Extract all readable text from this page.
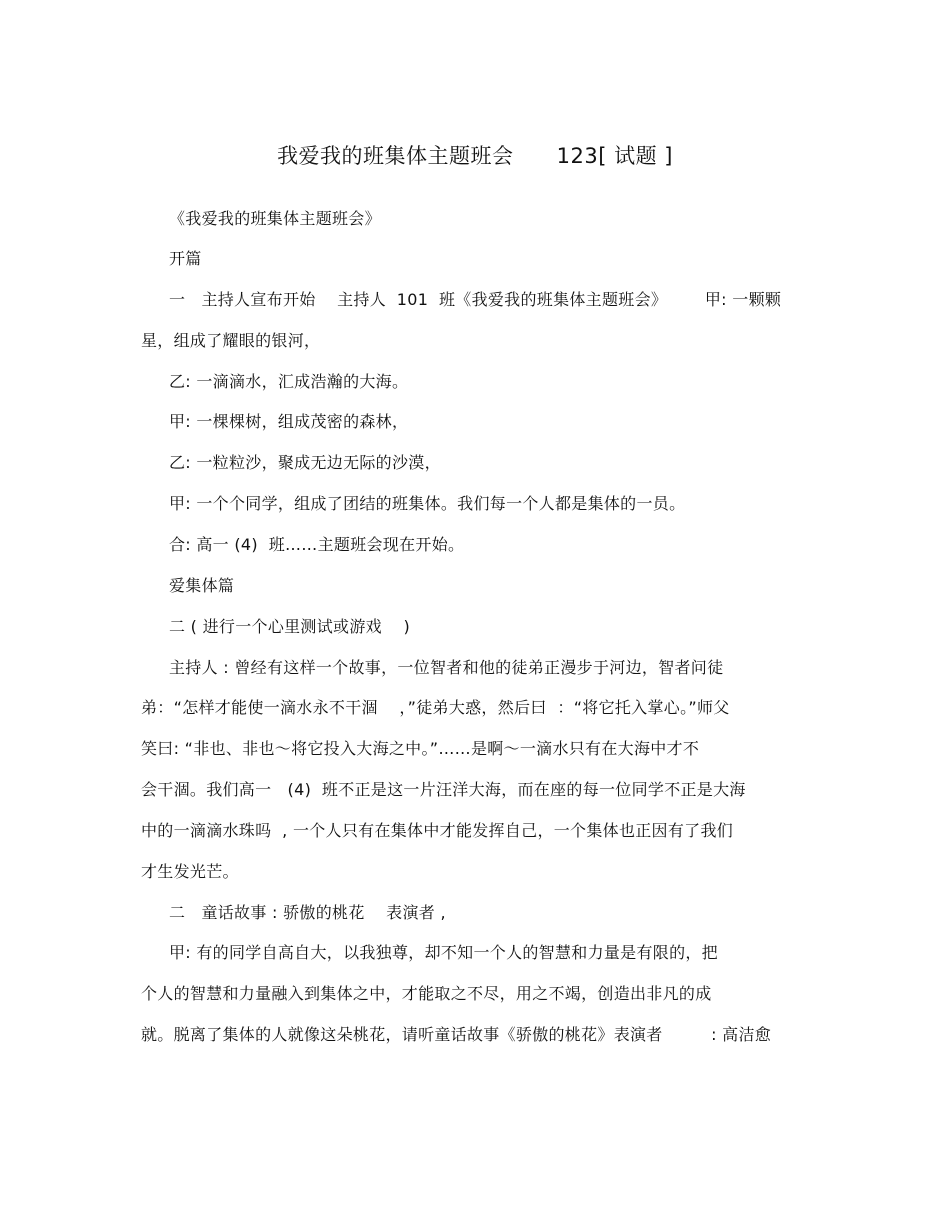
我爱我的班集体主题班会      123[ 试题 ]
《我爱我的班集体主题班会》
开篇
一   主持人宣布开始    主持人  101  班《我爱我的班集体主题班会》       甲: 一颗颗
星，组成了耀眼的银河，
乙: 一滴滴水，汇成浩瀚的大海。
甲: 一棵棵树，组成茂密的森林，
乙: 一粒粒沙，聚成无边无际的沙漠，
甲: 一个个同学，组成了团结的班集体。我们每一个人都是集体的一员。
合: 高一 (4)  班……主题班会现在开始。
爱集体篇
二 ( 进行一个心里测试或游戏    )
主持人 : 曾经有这样一个故事，一位智者和他的徒弟正漫步于河边，智者问徒
弟：“怎样才能使一滴水永不干涸    ，”徒弟大惑，然后曰  ：“将它托入掌心。”师父
笑曰: “非也、非也～将它投入大海之中。”……是啊～一滴水只有在大海中才不
会干涸。我们高一   (4)  班不正是这一片汪洋大海，而在座的每一位同学不正是大海
中的一滴滴水珠吗  , 一个人只有在集体中才能发挥自己，一个集体也正因有了我们
才生发光芒。
二   童话故事 : 骄傲的桃花    表演者 ,
甲: 有的同学自高自大，以我独尊，却不知一个人的智慧和力量是有限的，把
个人的智慧和力量融入到集体之中，才能取之不尽，用之不竭，创造出非凡的成
就。脱离了集体的人就像这朵桃花，请听童话故事《骄傲的桃花》表演者         : 高洁愈
